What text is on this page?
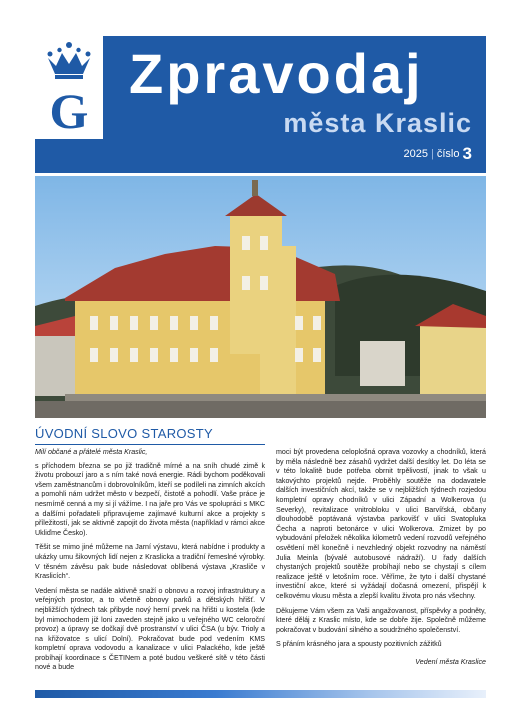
G
Zpravodaj
města Kraslic
2025 | číslo 3
ÚVODNÍ SLOVO STAROSTY

Milí občané a přátelé města Kraslic,

s příchodem března se po již tradičně mírné a na sníh chudé zimě k životu probouzí jaro a s ním také nová energie. Rádi bychom poděkovali všem zaměstnancům i dobrovolníkům, kteří se podíleli na zimních akcích a pomohli nám udržet město v bezpečí, čistotě a pohodlí. Vaše práce je nesmírně cenná a my si jí vážíme. I na jaře pro Vás ve spolupráci s MKC a dalšími pořadateli připravujeme zajímavé kulturní akce a projekty s příležitostí, jak se aktivně zapojit do života města (například v rámci akce Ukliďme Česko).

Těšit se mimo jiné můžeme na Jarní výstavu, která nabídne i produkty a ukázky umu šikovných lidí nejen z Kraslicka a tradiční řemeslné výrobky. V těsném závěsu pak bude následovat oblíbená výstava „Krasliče v Kraslicích“.

Vedení města se nadále aktivně snaží o obnovu a rozvoj infrastruktury a veřejných prostor, a to včetně obnovy parků a dětských hřišť. V nejbližších týdnech tak přibyde nový herní prvek na hřišti u kostela (kde byl mimochodem již loni zaveden stejně jako u veřejného WC celoroční provoz) a úpravy se dočkají dvě prostranství v ulici ČSA (u býv. Trioly a na křižovatce s ulicí Dolní). Pokračovat bude pod vedením KMS kompletní oprava vodovodu a kanalizace v ulici Palackého, kde ještě probíhají koordinace s ČETINem a poté budou veškeré sítě v této části nové a bude

moci být provedena celoplošná oprava vozovky a chodníků, která by měla následně bez zásahů vydržet další desítky let. Do léta se v této lokalitě bude potřeba obrnit trpělivostí, jinak to však u takovýchto projektů nejde. Proběhly soutěže na dodavatele dalších investičních akcí, takže se v nejbližších týdnech rozjedou kompletní opravy chodníků v ulici Západní a Wolkerova (u Severky), revitalizace vnitrobloku v ulici Barvířská, občany dlouhodobě poptávaná výstavba parkovišť v ulici Svatopluka Čecha a naproti betonárce v ulici Wolkerova. Zmizet by po vybudování přeložek několika kilometrů vedení rozvodů veřejného osvětlení měl konečně i nevzhledný objekt rozvodny na náměstí Julia Meinla (bývalé autobusové nádraží). U řady dalších chystaných projektů soutěže probíhají nebo se chystají s cílem realizace ještě v letošním roce. Věříme, že tyto i další chystané investiční akce, které si vyžádají dočasná omezení, přispějí k celkovému vkusu města a zlepší kvalitu života pro nás všechny.

Děkujeme Vám všem za Vaši angažovanost, příspěvky a podněty, které děláj z Kraslic místo, kde se dobře žije. Společně můžeme pokračovat v budování silného a soudržného společenství.

S přáním krásného jara a spousty pozitivních zážitků

Vedení města Kraslice
